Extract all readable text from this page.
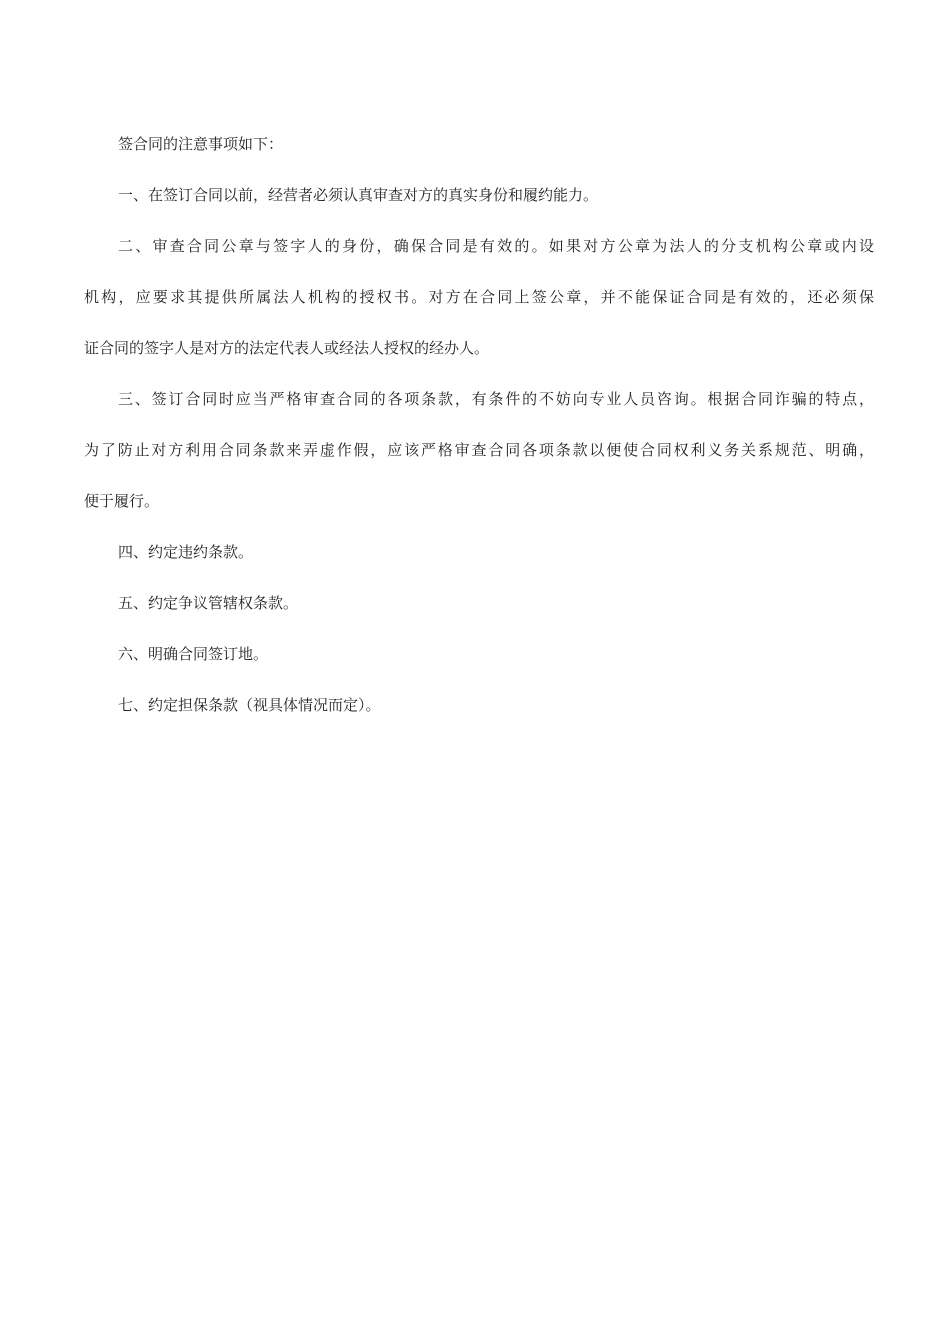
签合同的注意事项如下：
一、在签订合同以前，经营者必须认真审查对方的真实身份和履约能力。
二、审查合同公章与签字人的身份，确保合同是有效的。如果对方公章为法人的分支机构公章或内设
机构，应要求其提供所属法人机构的授权书。对方在合同上签公章，并不能保证合同是有效的，还必须保
证合同的签字人是对方的法定代表人或经法人授权的经办人。
三、签订合同时应当严格审查合同的各项条款，有条件的不妨向专业人员咨询。根据合同诈骗的特点，
为了防止对方利用合同条款来弄虚作假，应该严格审查合同各项条款以便使合同权利义务关系规范、明确，
便于履行。
四、约定违约条款。
五、约定争议管辖权条款。
六、明确合同签订地。
七、约定担保条款（视具体情况而定）。
